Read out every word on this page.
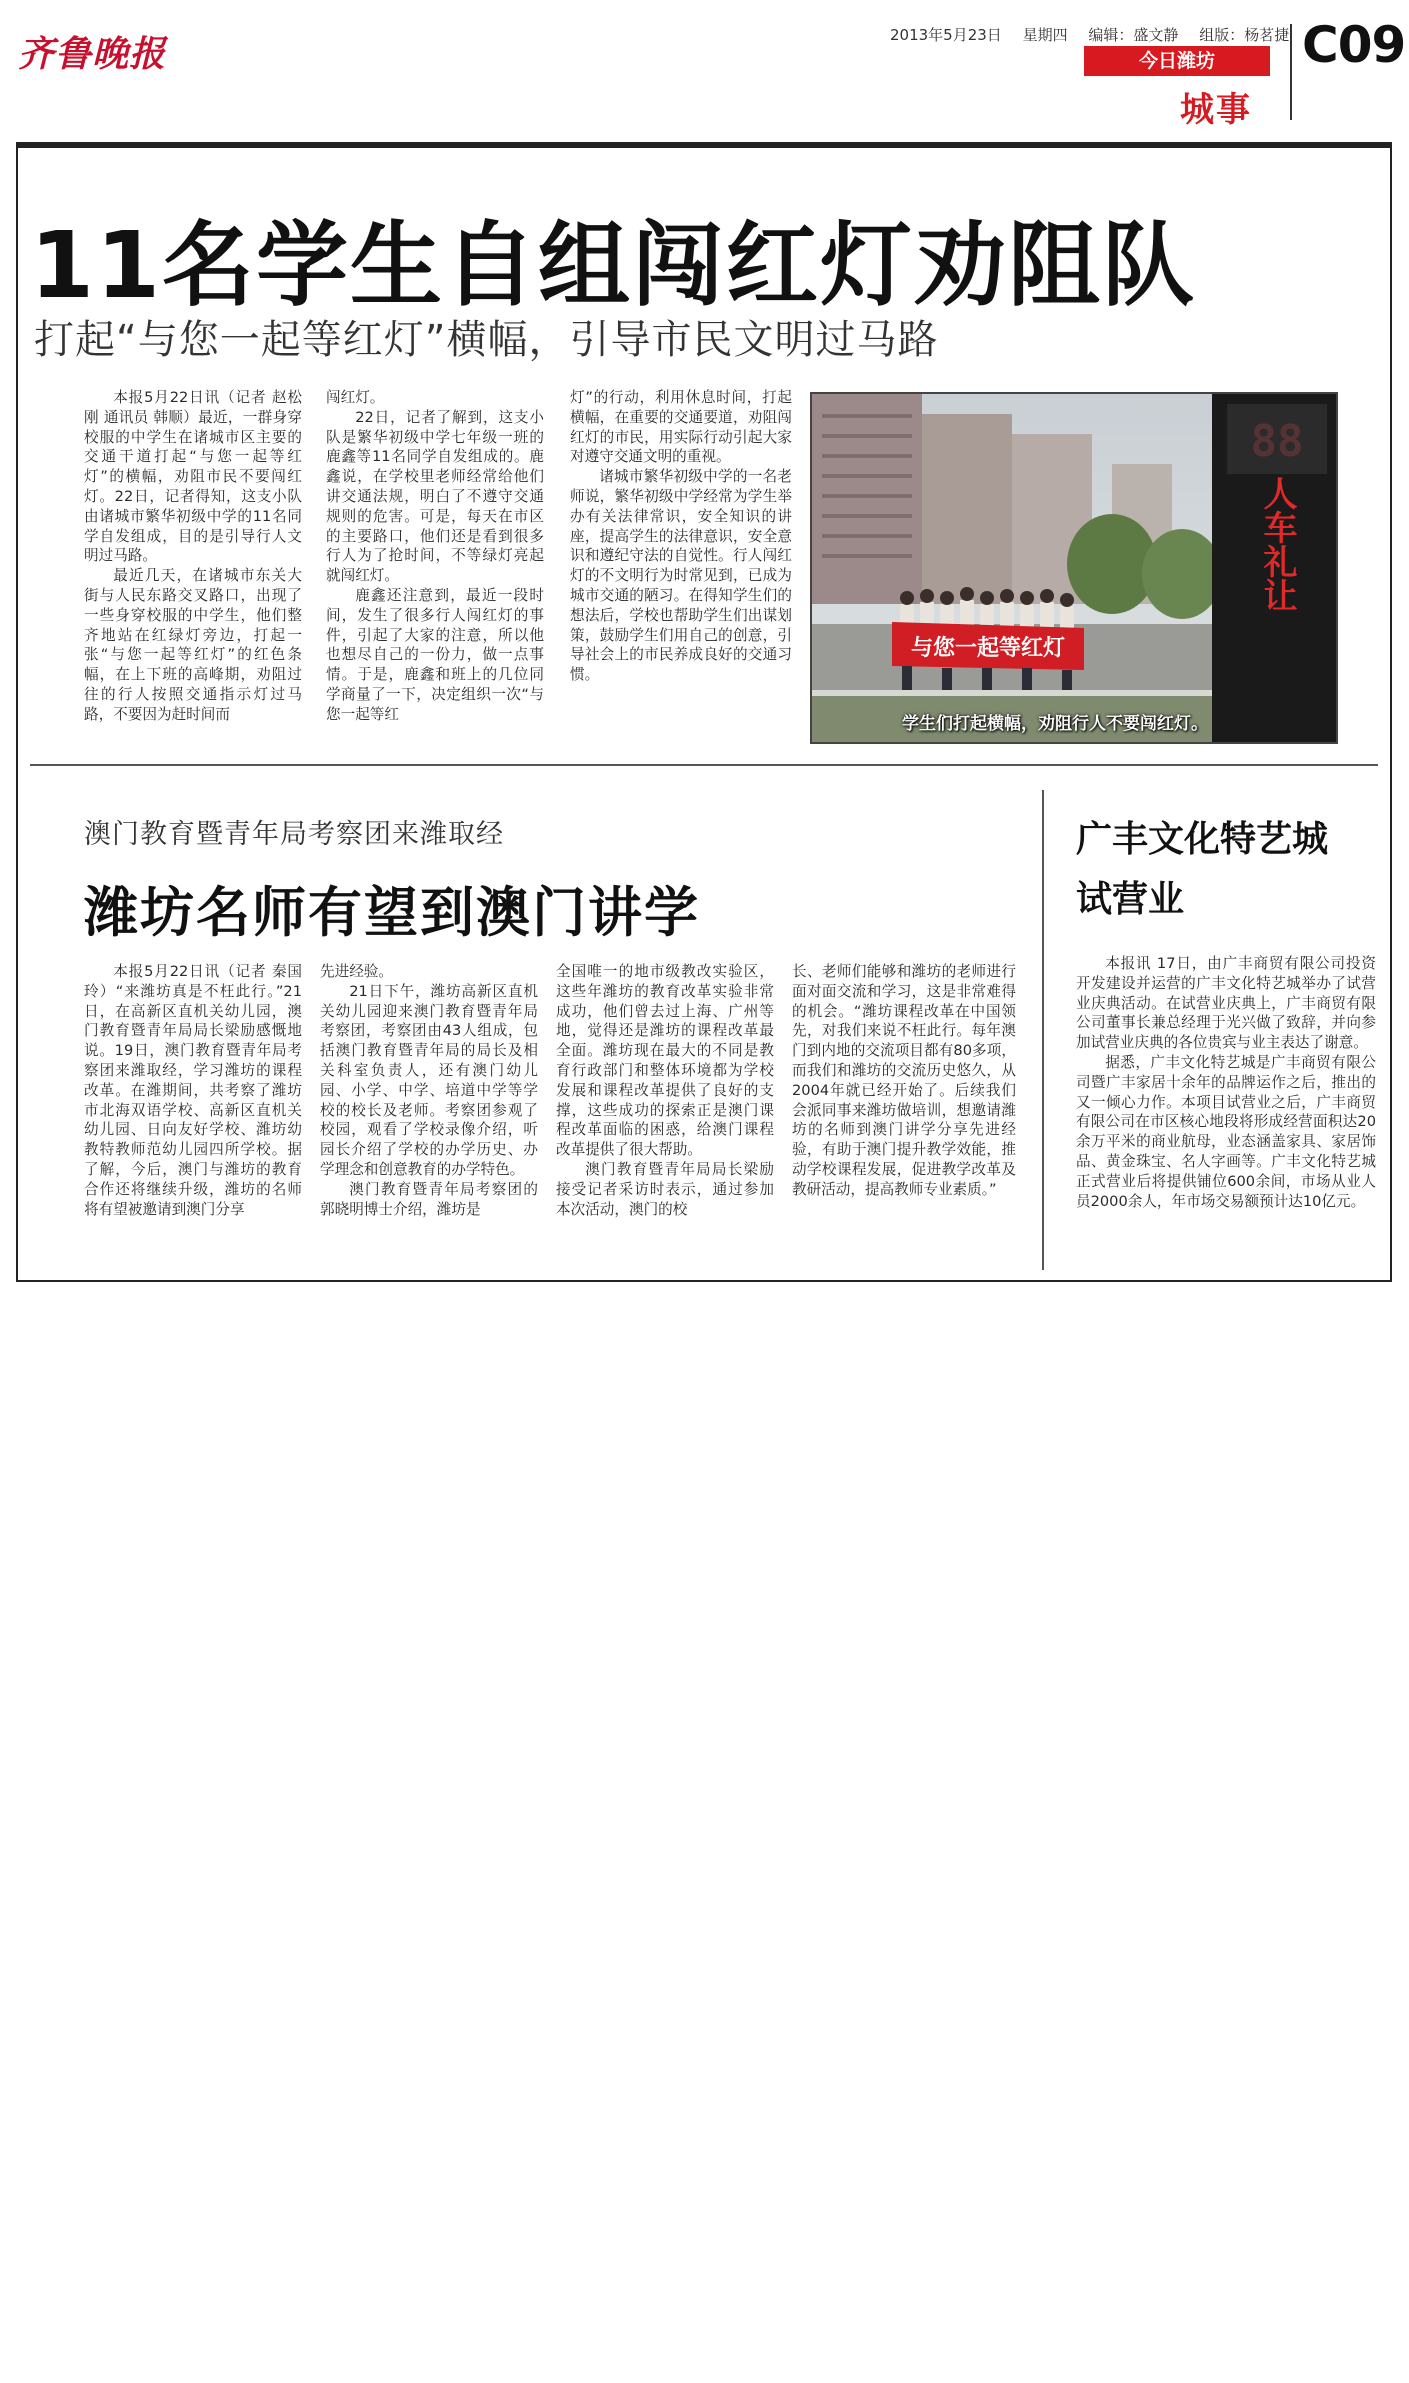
齐鲁晚报	2013年5月23日 星期四 编辑：盛文静 组版：杨茗捷
今日潍坊
城事
C09
11名学生自组闯红灯劝阻队
打起“与您一起等红灯”横幅，引导市民文明过马路

本报5月22日讯（记者 赵松刚 通讯员 韩顺）最近，一群身穿校服的中学生在诸城市区主要的交通干道打起“与您一起等红灯”的横幅，劝阻市民不要闯红灯。22日，记者得知，这支小队由诸城市繁华初级中学的11名同学自发组成，目的是引导行人文明过马路。

最近几天，在诸城市东关大街与人民东路交叉路口，出现了一些身穿校服的中学生，他们整齐地站在红绿灯旁边，打起一张“与您一起等红灯”的红色条幅，在上下班的高峰期，劝阻过往的行人按照交通指示灯过马路，不要因为赶时间而

闯红灯。

22日，记者了解到，这支小队是繁华初级中学七年级一班的鹿鑫等11名同学自发组成的。鹿鑫说，在学校里老师经常给他们讲交通法规，明白了不遵守交通规则的危害。可是，每天在市区的主要路口，他们还是看到很多行人为了抢时间，不等绿灯亮起就闯红灯。

鹿鑫还注意到，最近一段时间，发生了很多行人闯红灯的事件，引起了大家的注意，所以他也想尽自己的一份力，做一点事情。于是，鹿鑫和班上的几位同学商量了一下，决定组织一次“与您一起等红

灯”的行动，利用休息时间，打起横幅，在重要的交通要道，劝阻闯红灯的市民，用实际行动引起大家对遵守交通文明的重视。

诸城市繁华初级中学的一名老师说，繁华初级中学经常为学生举办有关法律常识，安全知识的讲座，提高学生的法律意识，安全意识和遵纪守法的自觉性。行人闯红灯的不文明行为时常见到，已成为城市交通的陋习。在得知学生们的想法后，学校也帮助学生们出谋划策，鼓励学生们用自己的创意，引导社会上的市民养成良好的交通习惯。

与您一起等红灯
88
人车礼让
学生们打起横幅，劝阻行人不要闯红灯。
澳门教育暨青年局考察团来潍取经
潍坊名师有望到澳门讲学

本报5月22日讯（记者 秦国玲）“来潍坊真是不枉此行。”21日，在高新区直机关幼儿园，澳门教育暨青年局局长梁励感慨地说。19日，澳门教育暨青年局考察团来潍取经，学习潍坊的课程改革。在潍期间，共考察了潍坊市北海双语学校、高新区直机关幼儿园、日向友好学校、潍坊幼教特教师范幼儿园四所学校。据了解，今后，澳门与潍坊的教育合作还将继续升级，潍坊的名师将有望被邀请到澳门分享

先进经验。

21日下午，潍坊高新区直机关幼儿园迎来澳门教育暨青年局考察团，考察团由43人组成，包括澳门教育暨青年局的局长及相关科室负责人，还有澳门幼儿园、小学、中学、培道中学等学校的校长及老师。考察团参观了校园，观看了学校录像介绍，听园长介绍了学校的办学历史、办学理念和创意教育的办学特色。

澳门教育暨青年局考察团的郭晓明博士介绍，潍坊是

全国唯一的地市级教改实验区，这些年潍坊的教育改革实验非常成功，他们曾去过上海、广州等地，觉得还是潍坊的课程改革最全面。潍坊现在最大的不同是教育行政部门和整体环境都为学校发展和课程改革提供了良好的支撑，这些成功的探索正是澳门课程改革面临的困惑，给澳门课程改革提供了很大帮助。

澳门教育暨青年局局长梁励接受记者采访时表示，通过参加本次活动，澳门的校

长、老师们能够和潍坊的老师进行面对面交流和学习，这是非常难得的机会。“潍坊课程改革在中国领先，对我们来说不枉此行。每年澳门到内地的交流项目都有80多项，而我们和潍坊的交流历史悠久，从2004年就已经开始了。后续我们会派同事来潍坊做培训，想邀请潍坊的名师到澳门讲学分享先进经验，有助于澳门提升教学效能，推动学校课程发展，促进教学改革及教研活动，提高教师专业素质。”

广丰文化特艺城
试营业

本报讯 17日，由广丰商贸有限公司投资开发建设并运营的广丰文化特艺城举办了试营业庆典活动。在试营业庆典上，广丰商贸有限公司董事长兼总经理于光兴做了致辞，并向参加试营业庆典的各位贵宾与业主表达了谢意。

据悉，广丰文化特艺城是广丰商贸有限公司暨广丰家居十余年的品牌运作之后，推出的又一倾心力作。本项目试营业之后，广丰商贸有限公司在市区核心地段将形成经营面积达20余万平米的商业航母，业态涵盖家具、家居饰品、黄金珠宝、名人字画等。广丰文化特艺城正式营业后将提供铺位600余间，市场从业人员2000余人，年市场交易额预计达10亿元。
